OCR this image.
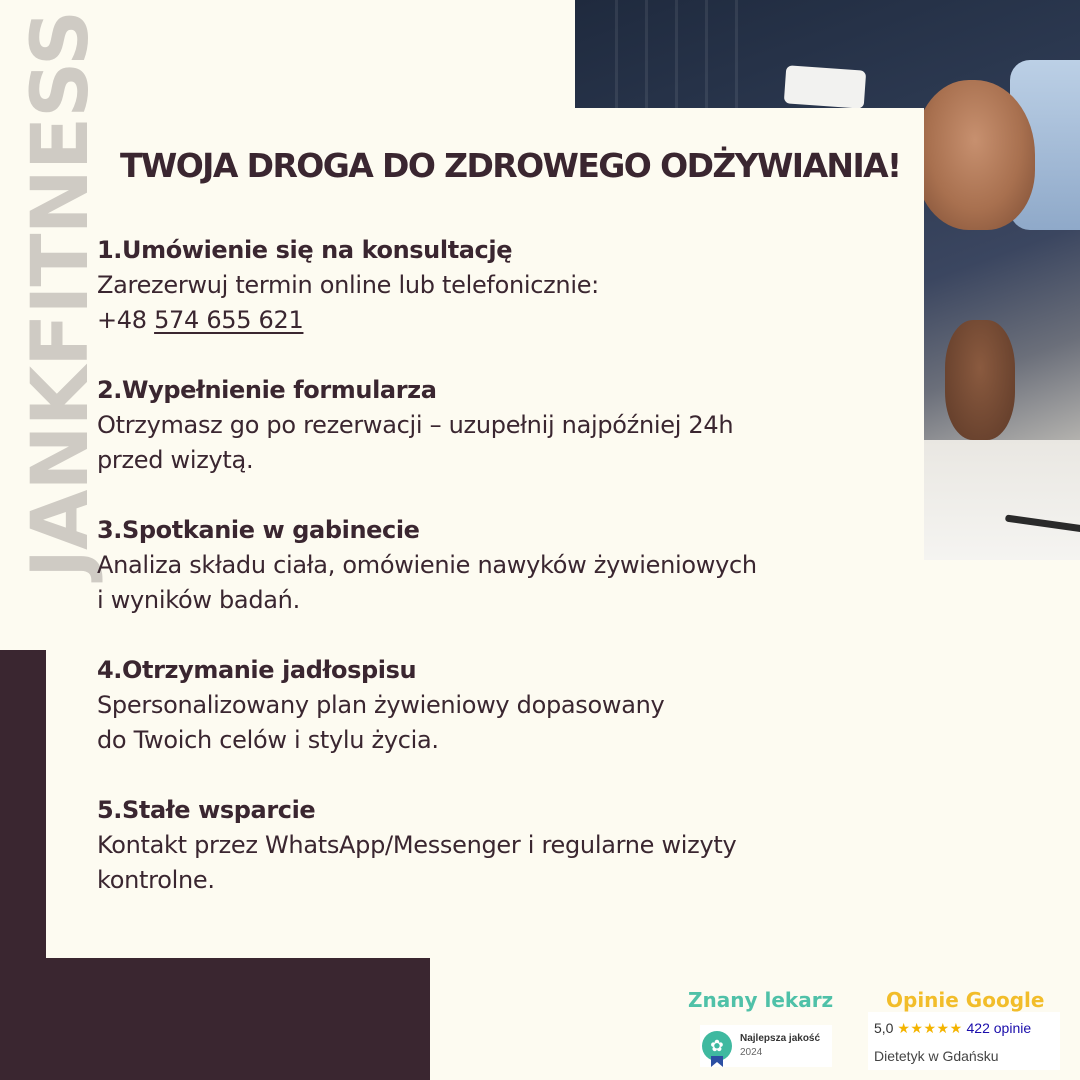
JANKFITNESS TWOJA DROGA DO ZDROWEGO ODŻYWIANIA!
1.Umówienie się na konsultację
Zarezerwuj termin online lub telefonicznie:
+48 574 655 621
2.Wypełnienie formularza
Otrzymasz go po rezerwacji – uzupełnij najpóźniej 24h
przed wizytą.
3.Spotkanie w gabinecie
Analiza składu ciała, omówienie nawyków żywieniowych
i wyników badań.
4.Otrzymanie jadłospisu
Spersonalizowany plan żywieniowy dopasowany
do Twoich celów i stylu życia.
5.Stałe wsparcie
Kontakt przez WhatsApp/Messenger i regularne wizyty
kontrolne.
Znany lekarz
✿	Najlepsza jakość
2024
Opinie Google
5,0 ★★★★★ 422 opinie
Dietetyk w Gdańsku
